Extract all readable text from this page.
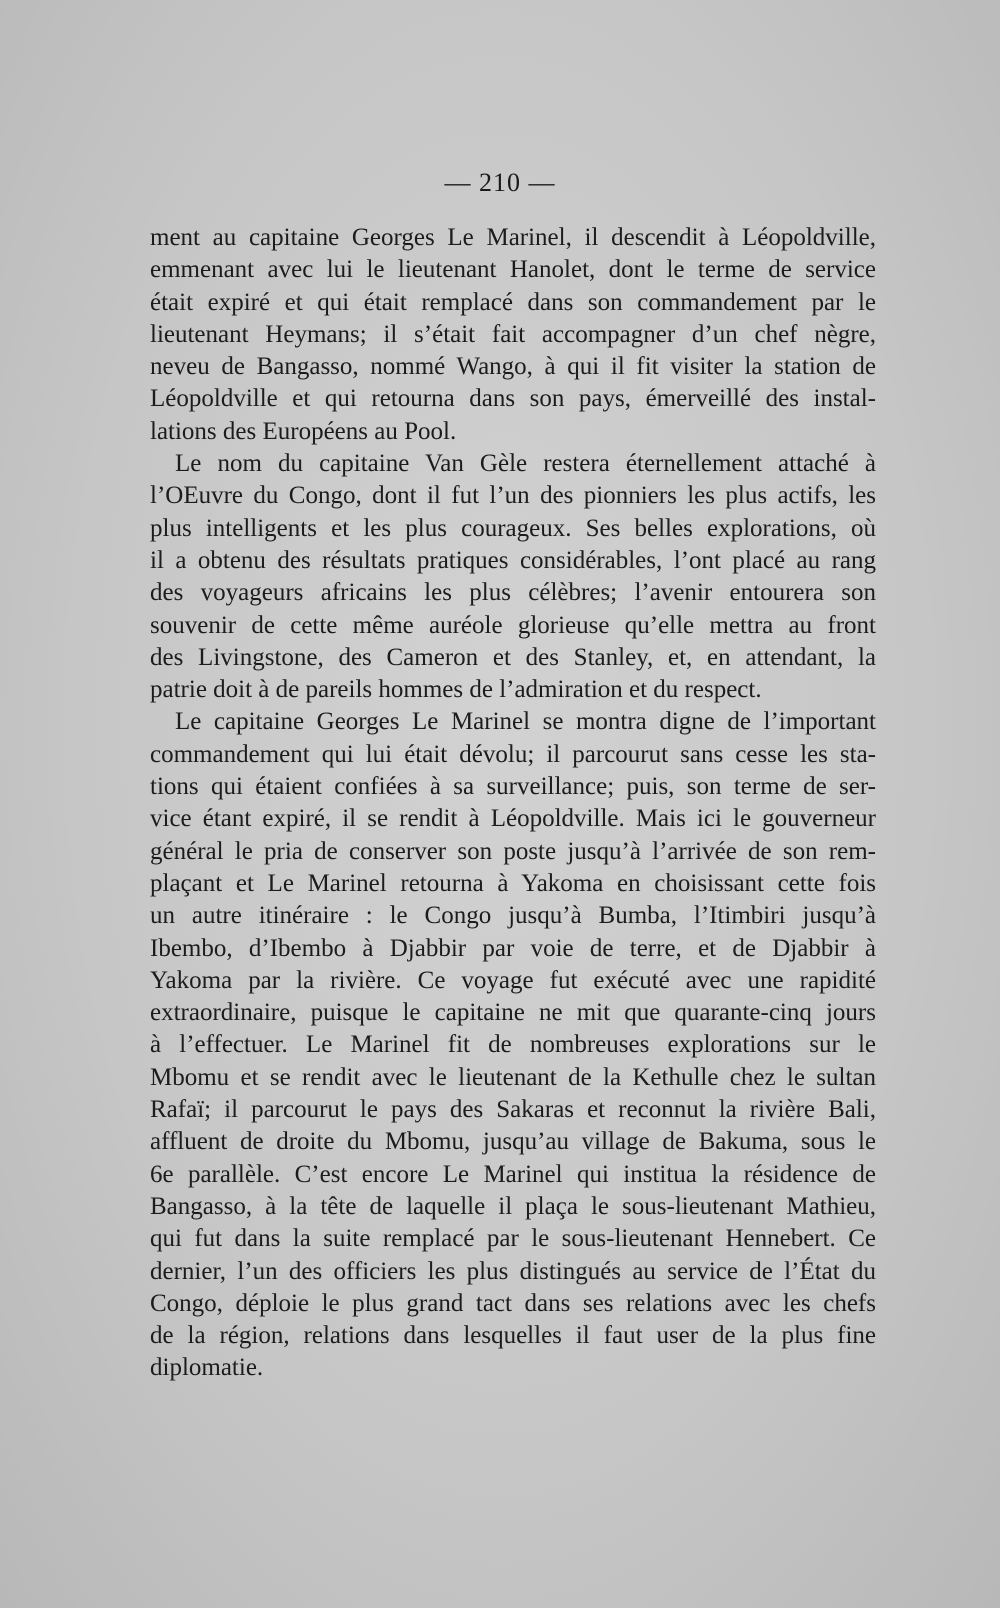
— 210 —
ment au capitaine Georges Le Marinel, il descendit à Léopoldville,
emmenant avec lui le lieutenant Hanolet, dont le terme de service
était expiré et qui était remplacé dans son commandement par le
lieutenant Heymans; il s’était fait accompagner d’un chef nègre,
neveu de Bangasso, nommé Wango, à qui il fit visiter la station de
Léopoldville et qui retourna dans son pays, émerveillé des instal-
lations des Européens au Pool.
Le nom du capitaine Van Gèle restera éternellement attaché à
l’OEuvre du Congo, dont il fut l’un des pionniers les plus actifs, les
plus intelligents et les plus courageux. Ses belles explorations, où
il a obtenu des résultats pratiques considérables, l’ont placé au rang
des voyageurs africains les plus célèbres; l’avenir entourera son
souvenir de cette même auréole glorieuse qu’elle mettra au front
des Livingstone, des Cameron et des Stanley, et, en attendant, la
patrie doit à de pareils hommes de l’admiration et du respect.
Le capitaine Georges Le Marinel se montra digne de l’important
commandement qui lui était dévolu; il parcourut sans cesse les sta-
tions qui étaient confiées à sa surveillance; puis, son terme de ser-
vice étant expiré, il se rendit à Léopoldville. Mais ici le gouverneur
général le pria de conserver son poste jusqu’à l’arrivée de son rem-
plaçant et Le Marinel retourna à Yakoma en choisissant cette fois
un autre itinéraire : le Congo jusqu’à Bumba, l’Itimbiri jusqu’à
Ibembo, d’Ibembo à Djabbir par voie de terre, et de Djabbir à
Yakoma par la rivière. Ce voyage fut exécuté avec une rapidité
extraordinaire, puisque le capitaine ne mit que quarante-cinq jours
à l’effectuer. Le Marinel fit de nombreuses explorations sur le
Mbomu et se rendit avec le lieutenant de la Kethulle chez le sultan
Rafaï; il parcourut le pays des Sakaras et reconnut la rivière Bali,
affluent de droite du Mbomu, jusqu’au village de Bakuma, sous le
6e parallèle. C’est encore Le Marinel qui institua la résidence de
Bangasso, à la tête de laquelle il plaça le sous-lieutenant Mathieu,
qui fut dans la suite remplacé par le sous-lieutenant Hennebert. Ce
dernier, l’un des officiers les plus distingués au service de l’État du
Congo, déploie le plus grand tact dans ses relations avec les chefs
de la région, relations dans lesquelles il faut user de la plus fine
diplomatie.
